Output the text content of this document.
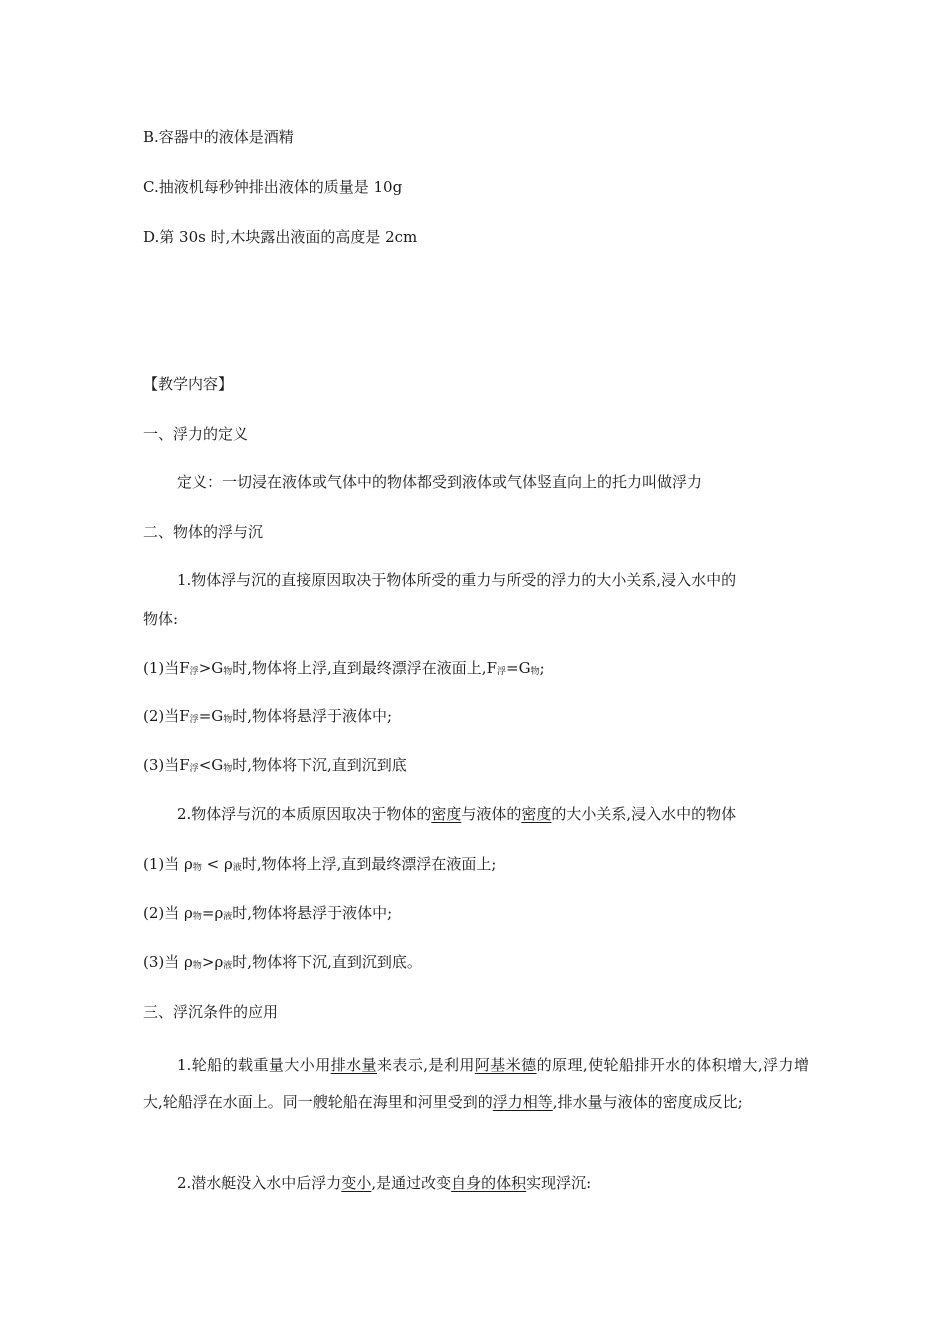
B.容器中的液体是酒精
C.抽液机每秒钟排出液体的质量是 10g
D.第 30s 时,木块露出液面的高度是 2cm
【教学内容】
一、浮力的定义
定义：一切浸在液体或气体中的物体都受到液体或气体竖直向上的托力叫做浮力
二、物体的浮与沉
1.物体浮与沉的直接原因取决于物体所受的重力与所受的浮力的大小关系,浸入水中的
物体:
(1)当F浮>G物时,物体将上浮,直到最终漂浮在液面上,F浮=G物;
(2)当F浮=G物时,物体将悬浮于液体中;
(3)当F浮<G物时,物体将下沉,直到沉到底
2.物体浮与沉的本质原因取决于物体的密度与液体的密度的大小关系,浸入水中的物体
(1)当 ρ物 < ρ液时,物体将上浮,直到最终漂浮在液面上;
(2)当 ρ物=ρ液时,物体将悬浮于液体中;
(3)当 ρ物>ρ液时,物体将下沉,直到沉到底。
三、浮沉条件的应用
1.轮船的载重量大小用排水量来表示,是利用阿基米德的原理,使轮船排开水的体积增大,浮力增大,轮船浮在水面上。同一艘轮船在海里和河里受到的浮力相等,排水量与液体的密度成反比;
2.潜水艇没入水中后浮力变小,是通过改变自身的体积实现浮沉:
